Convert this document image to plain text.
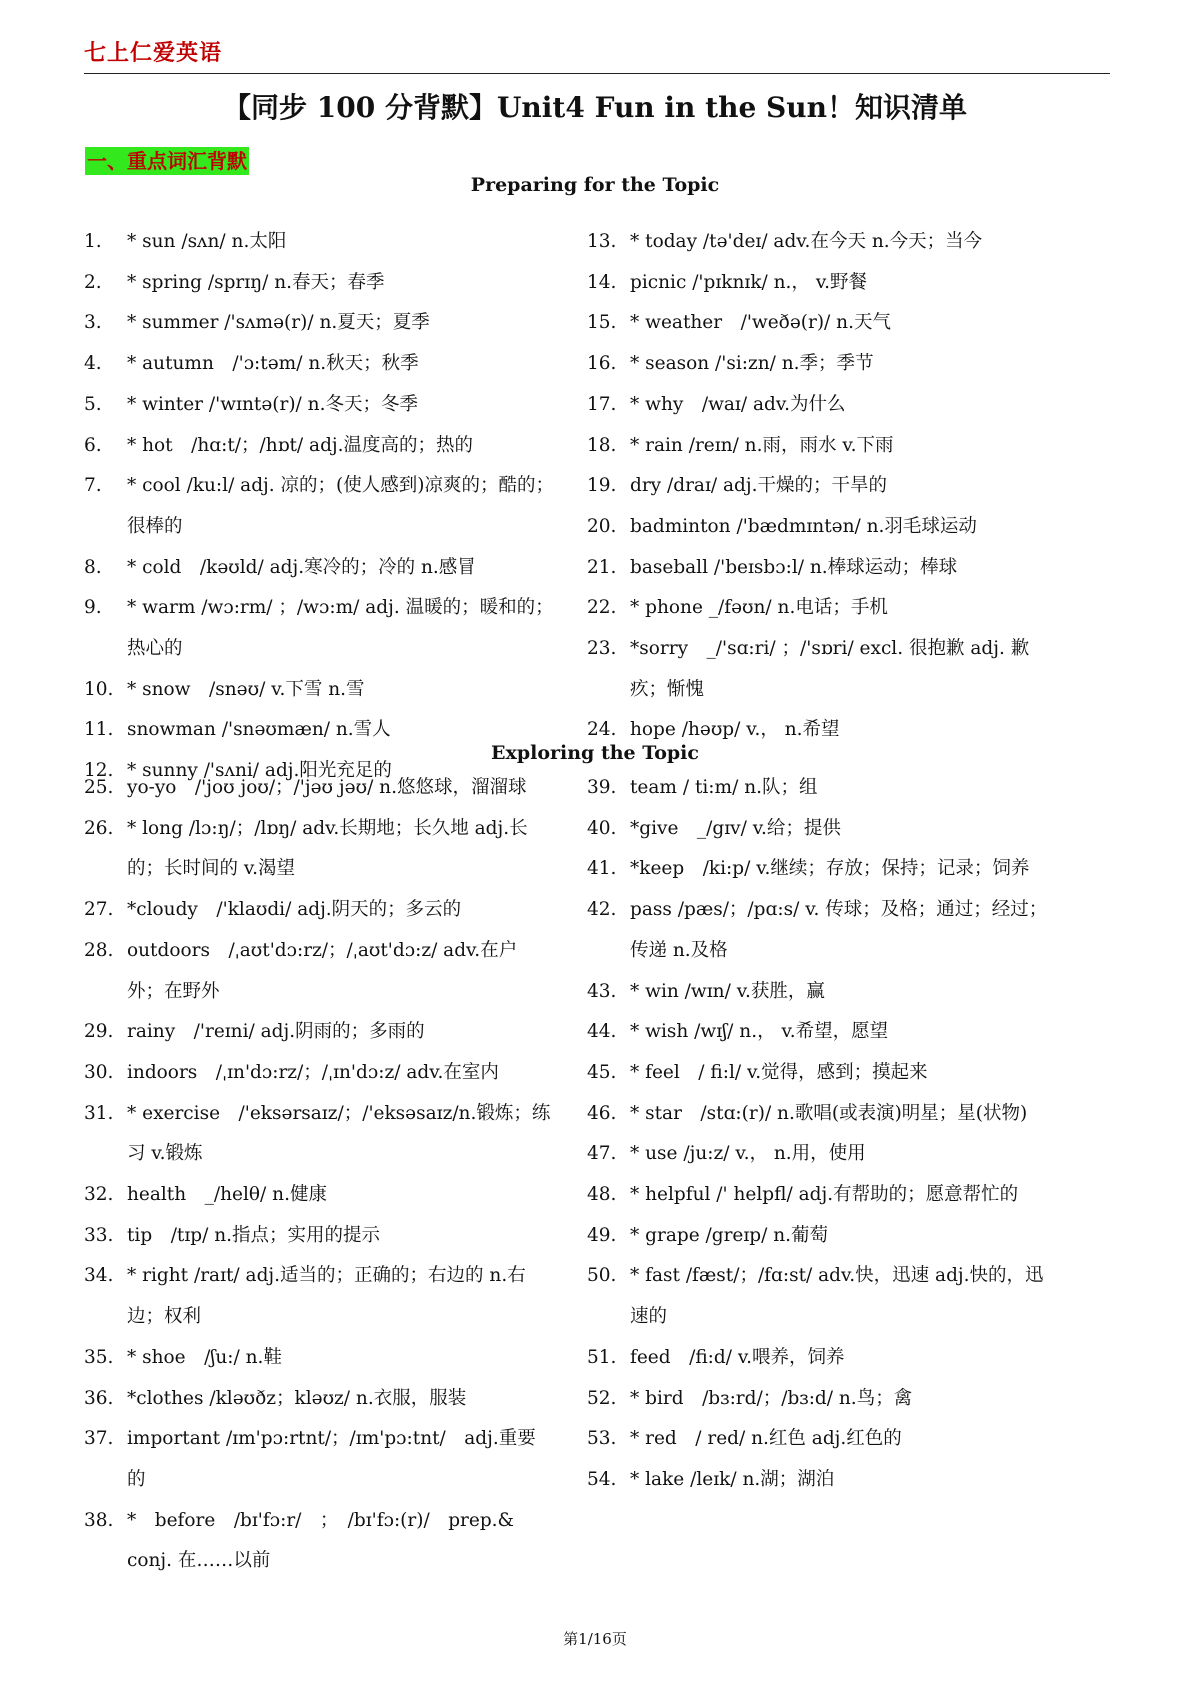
七上仁爱英语
【同步 100 分背默】Unit4 Fun in the Sun！知识清单
一、重点词汇背默
Preparing for the Topic
1.	* sun /sʌn/ n.太阳
2.	* spring /sprɪŋ/ n.春天；春季
3.	* summer /'sʌmə(r)/ n.夏天；夏季
4.	* autumn　/'ɔ:təm/ n.秋天；秋季
5.	* winter /'wɪntə(r)/ n.冬天；冬季
6.	* hot　/hɑ:t/；/hɒt/ adj.温度高的；热的
7.	* cool /ku:l/ adj. 凉的；(使人感到)凉爽的；酷的；很棒的
8.	* cold　/kəʊld/ adj.寒冷的；冷的 n.感冒
9.	* warm /wɔ:rm/ ；/wɔ:m/ adj. 温暖的；暖和的；热心的
10. * snow　/snəʊ/ v.下雪 n.雪
11. snowman /'snəʊmæn/ n.雪人
12. * sunny /'sʌni/ adj.阳光充足的
13. * today /tə'deɪ/ adv.在今天 n.今天；当今
14. picnic /'pɪknɪk/ n.， v.野餐
15. * weather　/'weðə(r)/ n.天气
16. * season /'si:zn/ n.季；季节
17. * why　/waɪ/ adv.为什么
18. * rain /reɪn/ n.雨，雨水 v.下雨
19. dry /draɪ/ adj.干燥的；干旱的
20. badminton /'bædmɪntən/ n.羽毛球运动
21. baseball /'beɪsbɔ:l/ n.棒球运动；棒球
22. * phone _/fəʊn/ n.电话；手机
23. *sorry　_/'sɑ:ri/ ；/'sɒri/ excl. 很抱歉 adj. 歉疚；惭愧
24. hope /həʊp/ v.， n.希望
Exploring the Topic
25. yo-yo　/'joʊ joʊ/；/'jəʊ jəʊ/ n.悠悠球，溜溜球
26. * long /lɔ:ŋ/；/lɒŋ/ adv.长期地；长久地 adj.长的；长时间的 v.渴望
27. *cloudy　/'klaʊdi/ adj.阴天的；多云的
28. outdoors　/ˌaʊt'dɔ:rz/；/ˌaʊt'dɔ:z/ adv.在户外；在野外
29. rainy　/'reɪni/ adj.阴雨的；多雨的
30. indoors　/ˌɪn'dɔ:rz/；/ˌɪn'dɔ:z/ adv.在室内
31. * exercise　/'eksərsaɪz/；/'eksəsaɪz/n.锻炼；练习 v.锻炼
32. health　_/helθ/ n.健康
33. tip　/tɪp/ n.指点；实用的提示
34. * right /raɪt/ adj.适当的；正确的；右边的 n.右边；权利
35. * shoe　/ʃu:/ n.鞋
36. *clothes /kləʊðz；kləʊz/ n.衣服，服装
37. important /ɪm'pɔ:rtnt/；/ɪm'pɔ:tnt/　adj.重要的
38. *　before　/bɪ'fɔ:r/　；　/bɪ'fɔ:(r)/　prep.& conj. 在……以前
39. team / ti:m/ n.队；组
40. *give　_/gɪv/ v.给；提供
41. *keep　/ki:p/ v.继续；存放；保持；记录；饲养
42. pass /pæs/；/pɑ:s/ v. 传球；及格；通过；经过；传递 n.及格
43. * win /wɪn/ v.获胜，赢
44. * wish /wɪʃ/ n.， v.希望，愿望
45. * feel　/ fi:l/ v.觉得，感到；摸起来
46. * star　/stɑ:(r)/ n.歌唱(或表演)明星；星(状物)
47. * use /ju:z/ v.， n.用，使用
48. * helpful /' helpfl/ adj.有帮助的；愿意帮忙的
49. * grape /greɪp/ n.葡萄
50. * fast /fæst/；/fɑ:st/ adv.快，迅速 adj.快的，迅速的
51. feed　/fi:d/ v.喂养，饲养
52. * bird　/bɜ:rd/；/bɜ:d/ n.鸟；禽
53. * red　/ red/ n.红色 adj.红色的
54. * lake /leɪk/ n.湖；湖泊
第1/16页
